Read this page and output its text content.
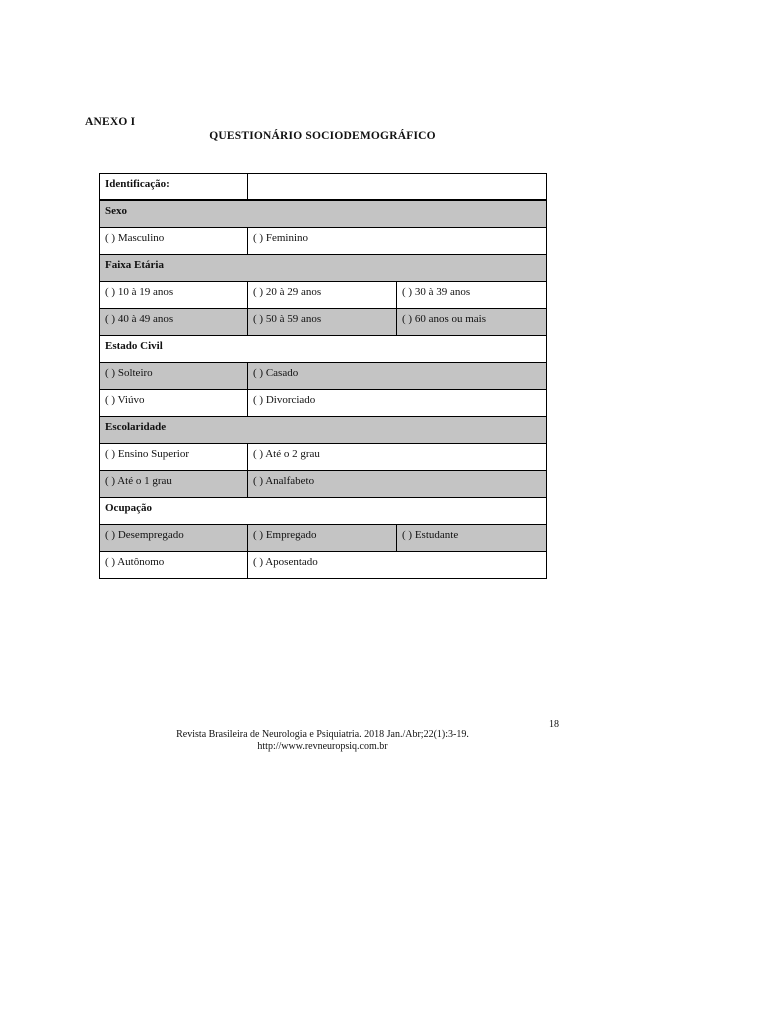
ANEXO I
QUESTIONÁRIO SOCIODEMOGRÁFICO
Identificação:
Sexo
( ) Masculino	( ) Feminino
Faixa Etária
( ) 10 à 19 anos	( ) 20 à 29 anos	( ) 30 à 39 anos
( ) 40 à 49 anos	( ) 50 à 59 anos	( ) 60 anos ou mais
Estado Civil
( ) Solteiro	( ) Casado
( ) Viúvo	( ) Divorciado
Escolaridade
( ) Ensino Superior	( ) Até o 2 grau
( ) Até o 1 grau	( ) Analfabeto
Ocupação
( ) Desempregado	( ) Empregado	( ) Estudante
( ) Autônomo	( ) Aposentado
18
Revista Brasileira de Neurologia e Psiquiatria. 2018 Jan./Abr;22(1):3-19.
http://www.revneuropsiq.com.br
